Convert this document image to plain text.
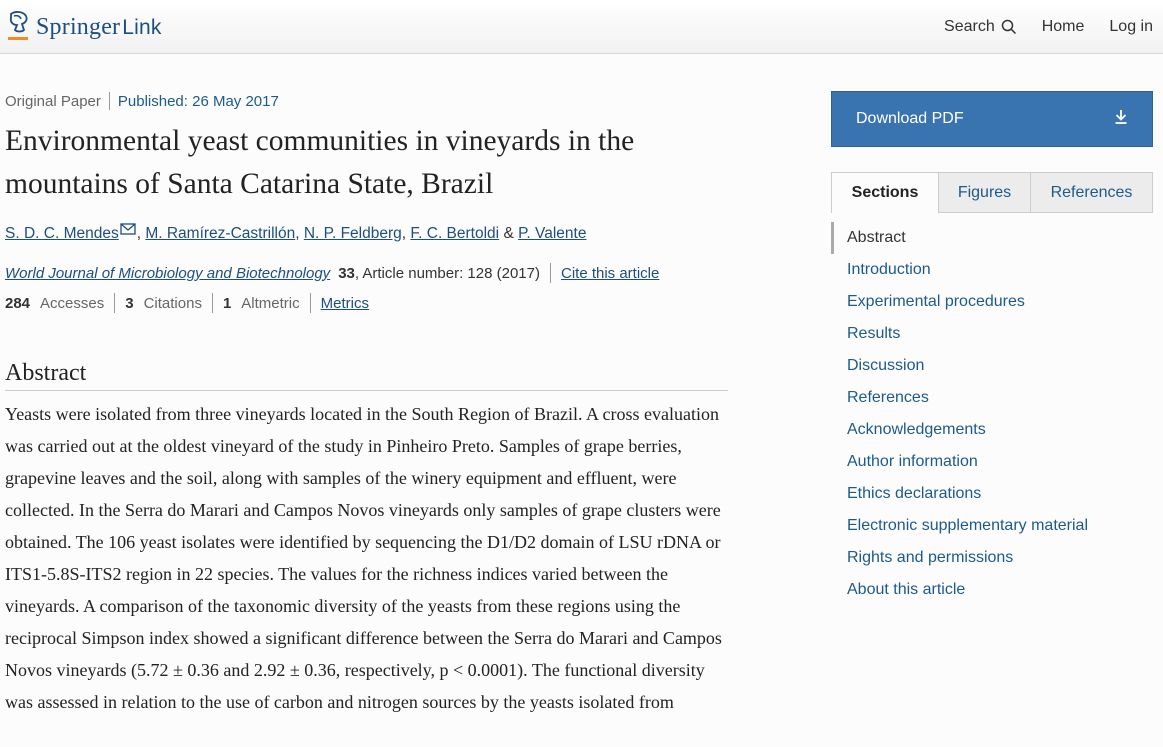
SpringerLink	Search	Home Log in
Original Paper Published: 26 May 2017
Environmental yeast communities in vineyards in the mountains of Santa Catarina State, Brazil
S. D. C. Mendes , M. Ramírez-Castrillón, N. P. Feldberg, F. C. Bertoldi & P. Valente
World Journal of Microbiology and Biotechnology 33 , Article number: 128 (2017) Cite this article
284 Accesses 3 Citations 1 Altmetric Metrics
Abstract
Yeasts were isolated from three vineyards located in the South Region of Brazil. A cross evaluation was carried out at the oldest vineyard of the study in Pinheiro Preto. Samples of grape berries, grapevine leaves and the soil, along with samples of the winery equipment and effluent, were collected. In the Serra do Marari and Campos Novos vineyards only samples of grape clusters were obtained. The 106 yeast isolates were identified by sequencing the D1/D2 domain of LSU rDNA or ITS1-5.8S-ITS2 region in 22 species. The values for the richness indices varied between the vineyards. A comparison of the taxonomic diversity of the yeasts from these regions using the reciprocal Simpson index showed a significant difference between the Serra do Marari and Campos Novos vineyards (5.72 ± 0.36 and 2.92 ± 0.36, respectively, p < 0.0001). The functional diversity was assessed in relation to the use of carbon and nitrogen sources by the yeasts isolated from
Download PDF
Sections	Figures	References
Abstract
Introduction
Experimental procedures
Results
Discussion
References
Acknowledgements
Author information
Ethics declarations
Electronic supplementary material
Rights and permissions
About this article
